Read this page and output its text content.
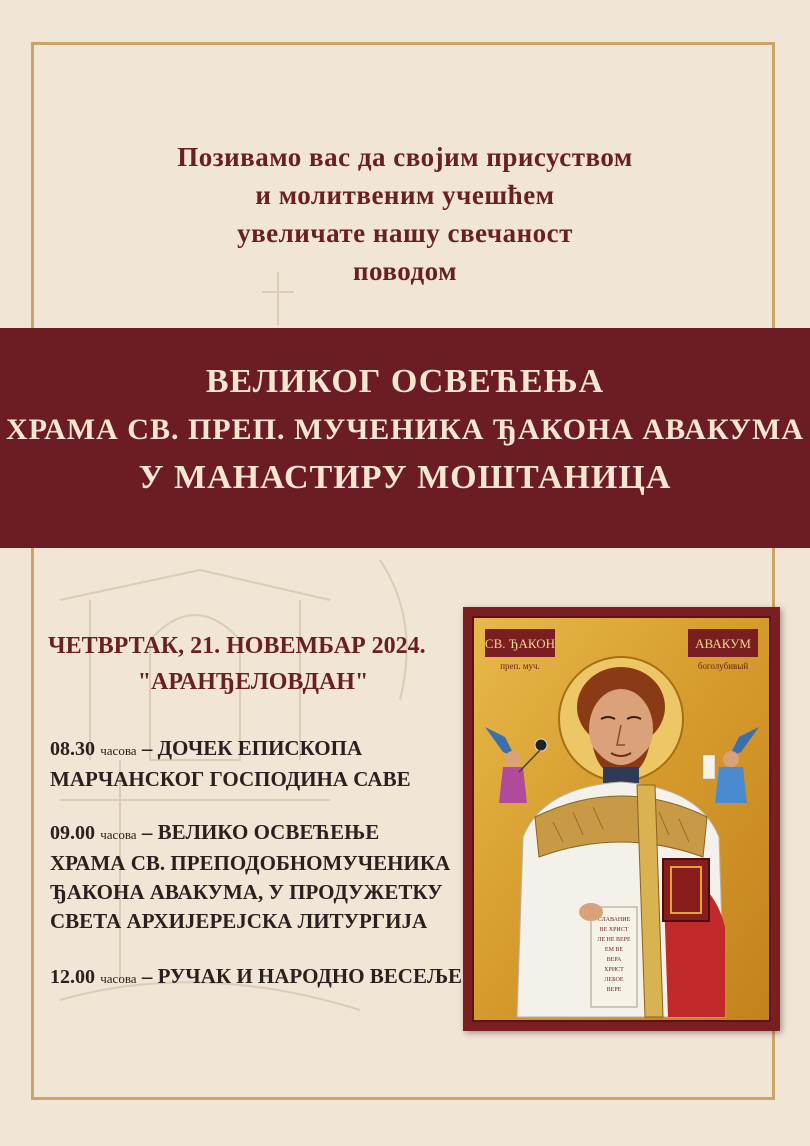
Позивамо вас да својим присуством
и молитвеним учешћем
увеличате нашу свечаност
поводом
ВЕЛИКОГ ОСВЕЋЕЊА
ХРАМА СВ. ПРЕП. МУЧЕНИКА ЂАКОНА АВАКУМА
У МАНАСТИРУ МОШТАНИЦА
ЧЕТВРТАК, 21. НОВЕМБАР 2024.
"АРАНЂЕЛОВДАН"
08.30 часова – ДОЧЕК ЕПИСКОПА
МАРЧАНСКОГ ГОСПОДИНА САВЕ
09.00 часова – ВЕЛИКО ОСВЕЋЕЊЕ
ХРАМА СВ. ПРЕПОДОБНОМУЧЕНИКА
ЂАКОНА АВАКУМА, У ПРОДУЖЕТКУ
СВЕТА АРХИЈЕРЕЈСКА ЛИТУРГИЈА
12.00 часова – РУЧАК И НАРОДНО ВЕСЕЉЕ
СВ. ЂАКОН	АВАКУМ
преп. муч.	боголубивый
СЛАВАНИЕ
ВЕ ХРИСТ
ЛЕ НЕ ВЕРЕ
ЕМ ВЕ
ВЕРА
ХРИСТ
ЛЕБОЕ
ВЕРЕ
